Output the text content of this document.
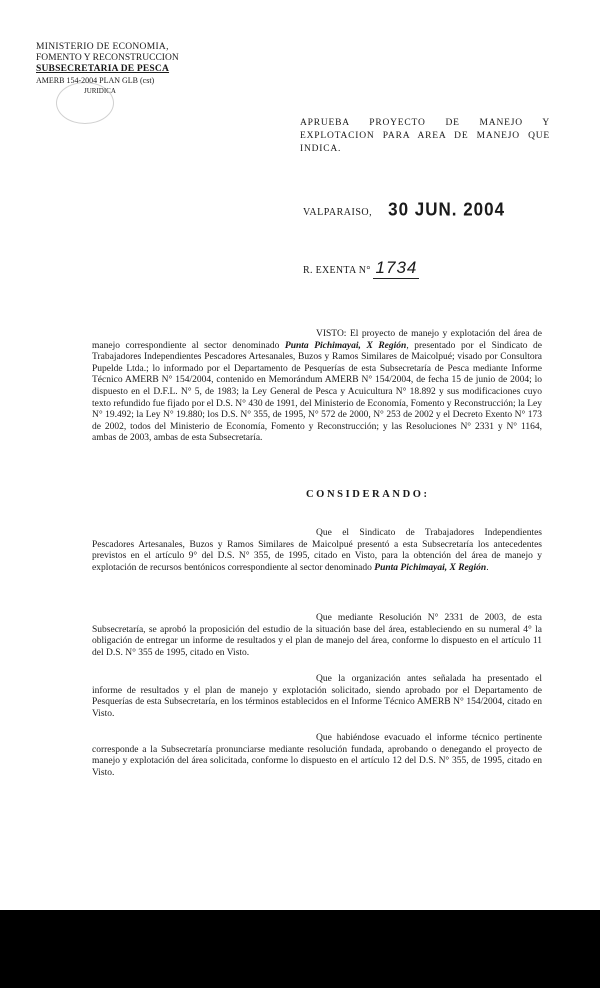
MINISTERIO DE ECONOMIA,
FOMENTO Y RECONSTRUCCION
SUBSECRETARIA DE PESCA
AMERB 154-2004 PLAN GLB (cst)
JURIDICA
APRUEBA PROYECTO DE MANEJO Y EXPLOTACION PARA AREA DE MANEJO QUE INDICA.
VALPARAISO, 30 JUN. 2004
R. EXENTA N° 1734
VISTO: El proyecto de manejo y explotación del área de manejo correspondiente al sector denominado Punta Pichimayai, X Región, presentado por el Sindicato de Trabajadores Independientes Pescadores Artesanales, Buzos y Ramos Similares de Maicolpué; visado por Consultora Pupelde Ltda.; lo informado por el Departamento de Pesquerías de esta Subsecretaría de Pesca mediante Informe Técnico AMERB N° 154/2004, contenido en Memorándum AMERB N° 154/2004, de fecha 15 de junio de 2004; lo dispuesto en el D.F.L. N° 5, de 1983; la Ley General de Pesca y Acuicultura N° 18.892 y sus modificaciones cuyo texto refundido fue fijado por el D.S. N° 430 de 1991, del Ministerio de Economía, Fomento y Reconstrucción; la Ley N° 19.492; la Ley N° 19.880; los D.S. N° 355, de 1995, N° 572 de 2000, N° 253 de 2002 y el Decreto Exento N° 173 de 2002, todos del Ministerio de Economía, Fomento y Reconstrucción; y las Resoluciones N° 2331 y N° 1164, ambas de 2003, ambas de esta Subsecretaría.
CONSIDERANDO:
Que el Sindicato de Trabajadores Independientes Pescadores Artesanales, Buzos y Ramos Similares de Maicolpué presentó a esta Subsecretaría los antecedentes previstos en el artículo 9° del D.S. N° 355, de 1995, citado en Visto, para la obtención del área de manejo y explotación de recursos bentónicos correspondiente al sector denominado Punta Pichimayai, X Región.
Que mediante Resolución N° 2331 de 2003, de esta Subsecretaría, se aprobó la proposición del estudio de la situación base del área, estableciendo en su numeral 4° la obligación de entregar un informe de resultados y el plan de manejo del área, conforme lo dispuesto en el artículo 11 del D.S. N° 355 de 1995, citado en Visto.
Que la organización antes señalada ha presentado el informe de resultados y el plan de manejo y explotación solicitado, siendo aprobado por el Departamento de Pesquerías de esta Subsecretaría, en los términos establecidos en el Informe Técnico AMERB N° 154/2004, citado en Visto.
Que habiéndose evacuado el informe técnico pertinente corresponde a la Subsecretaría pronunciarse mediante resolución fundada, aprobando o denegando el proyecto de manejo y explotación del área solicitada, conforme lo dispuesto en el artículo 12 del D.S. N° 355, de 1995, citado en Visto.
